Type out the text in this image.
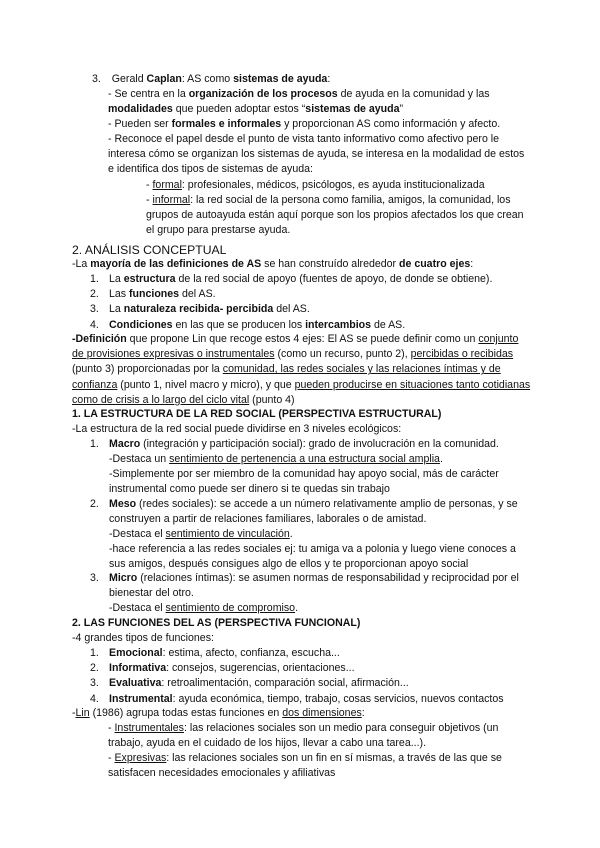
3. Gerald Caplan: AS como sistemas de ayuda:

- Se centra en la organización de los procesos de ayuda en la comunidad y las modalidades que pueden adoptar estos “sistemas de ayuda”

- Pueden ser formales e informales y proporcionan AS como información y afecto.

- Reconoce el papel desde el punto de vista tanto informativo como afectivo pero le interesa cómo se organizan los sistemas de ayuda, se interesa en la modalidad de estos e identifica dos tipos de sistemas de ayuda:

- formal: profesionales, médicos, psicólogos, es ayuda institucionalizada

- informal: la red social de la persona como familia, amigos, la comunidad, los grupos de autoayuda están aquí porque son los propios afectados los que crean el grupo para prestarse ayuda.

2. ANÁLISIS CONCEPTUAL

-La mayoría de las definiciones de AS se han construído alrededor de cuatro ejes:

1. La estructura de la red social de apoyo (fuentes de apoyo, de donde se obtiene).

2. Las funciones del AS.

3. La naturaleza recibida- percibida del AS.

4. Condiciones en las que se producen los intercambios de AS.

-Definición que propone Lin que recoge estos 4 ejes: El AS se puede definir como un conjunto de provisiones expresivas o instrumentales (como un recurso, punto 2), percibidas o recibidas (punto 3) proporcionadas por la comunidad, las redes sociales y las relaciones íntimas y de confianza (punto 1, nivel macro y micro), y que pueden producirse en situaciones tanto cotidianas como de crisis a lo largo del ciclo vital (punto 4)

1. LA ESTRUCTURA DE LA RED SOCIAL (PERSPECTIVA ESTRUCTURAL)

-La estructura de la red social puede dividirse en 3 niveles ecológicos:

1. Macro (integración y participación social): grado de involucración en la comunidad.

-Destaca un sentimiento de pertenencia a una estructura social amplia.

-Simplemente por ser miembro de la comunidad hay apoyo social, más de carácter instrumental como puede ser dinero si te quedas sin trabajo

2. Meso (redes sociales): se accede a un número relativamente amplio de personas, y se construyen a partir de relaciones familiares, laborales o de amistad.

-Destaca el sentimiento de vinculación.

-hace referencia a las redes sociales ej: tu amiga va a polonia y luego viene conoces a sus amigos, después consigues algo de ellos y te proporcionan apoyo social

3. Micro (relaciones íntimas): se asumen normas de responsabilidad y reciprocidad por el bienestar del otro.

-Destaca el sentimiento de compromiso.

2. LAS FUNCIONES DEL AS (PERSPECTIVA FUNCIONAL)

-4 grandes tipos de funciones:

1. Emocional: estima, afecto, confianza, escucha...

2. Informativa: consejos, sugerencias, orientaciones...

3. Evaluativa: retroalimentación, comparación social, afirmación...

4. Instrumental: ayuda económica, tiempo, trabajo, cosas servicios, nuevos contactos

-Lin (1986) agrupa todas estas funciones en dos dimensiones:

- Instrumentales: las relaciones sociales son un medio para conseguir objetivos (un trabajo, ayuda en el cuidado de los hijos, llevar a cabo una tarea...).

- Expresivas: las relaciones sociales son un fin en sí mismas, a través de las que se satisfacen necesidades emocionales y afiliativas
